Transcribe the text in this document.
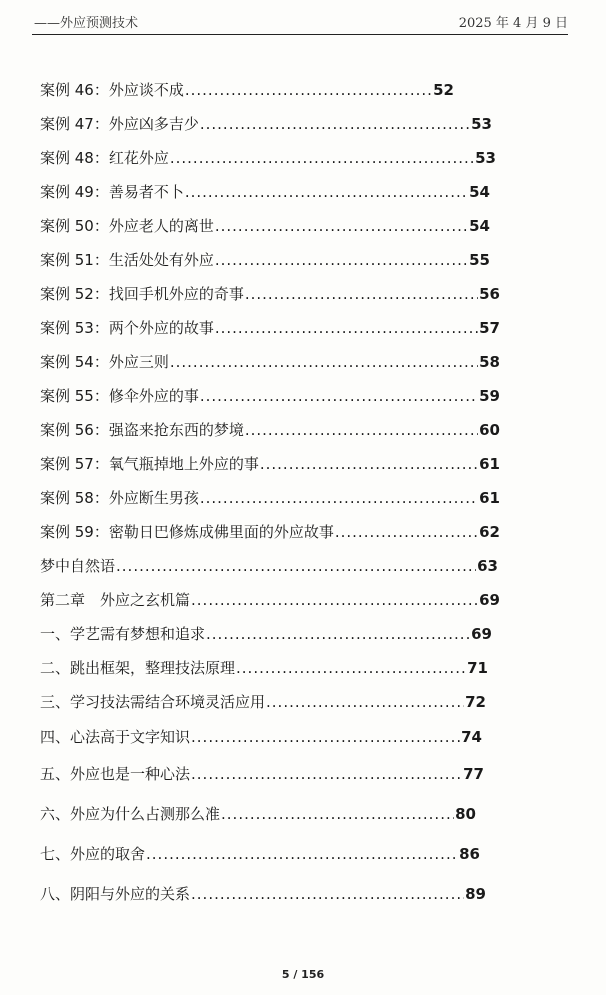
——外应预测技术	2025 年 4 月 9 日
案例 46：外应谈不成 .....	52
案例 47：外应凶多吉少 .....	53
案例 48：红花外应 .....	53
案例 49：善易者不卜 .....	54
案例 50：外应老人的离世 .....	54
案例 51：生活处处有外应 .....	55
案例 52：找回手机外应的奇事 .....	56
案例 53：两个外应的故事 .....	57
案例 54：外应三则 .....	58
案例 55：修伞外应的事 .....	59
案例 56：强盗来抢东西的梦境 .....	60
案例 57：氧气瓶掉地上外应的事 .....	61
案例 58：外应断生男孩 .....	61
案例 59：密勒日巴修炼成佛里面的外应故事 .....	62
梦中自然语 .....	63
第二章　外应之玄机篇 .....	69
一、学艺需有梦想和追求 .....	69
二、跳出框架，整理技法原理 .....	71
三、学习技法需结合环境灵活应用 .....	72
四、心法高于文字知识 .....	74
五、外应也是一种心法 .....	77
六、外应为什么占测那么准 .....	80
七、外应的取舍 .....	86
八、阴阳与外应的关系 .....	89
5 / 156
